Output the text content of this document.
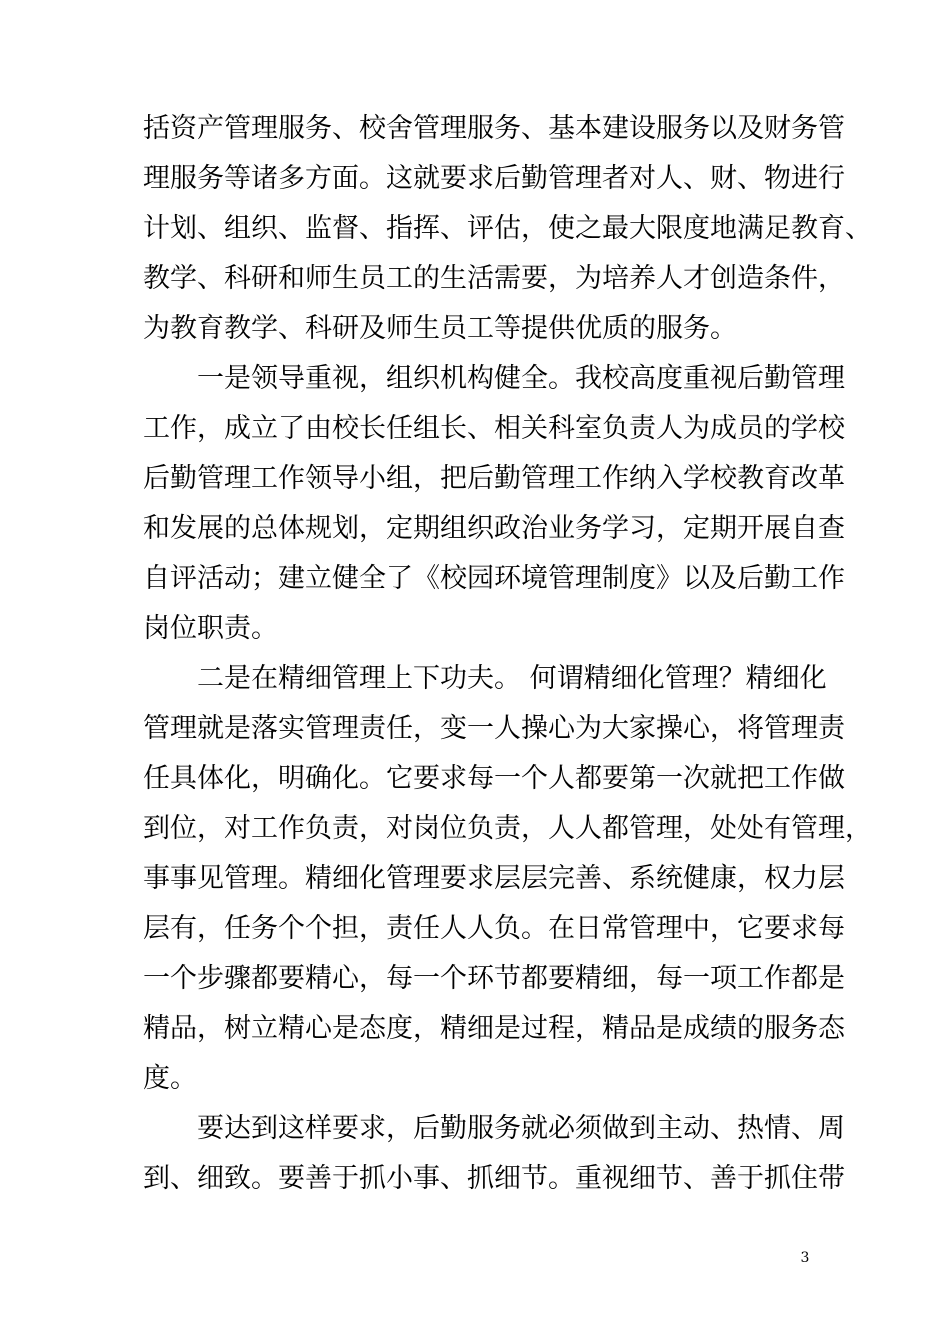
括资产管理服务、校舍管理服务、基本建设服务以及财务管
理服务等诸多方面。这就要求后勤管理者对人、财、物进行
计划、组织、监督、指挥、评估，使之最大限度地满足教育、
教学、科研和师生员工的生活需要，为培养人才创造条件，
为教育教学、科研及师生员工等提供优质的服务。
一是领导重视，组织机构健全。我校高度重视后勤管理
工作，成立了由校长任组长、相关科室负责人为成员的学校
后勤管理工作领导小组，把后勤管理工作纳入学校教育改革
和发展的总体规划，定期组织政治业务学习，定期开展自查
自评活动；建立健全了《校园环境管理制度》以及后勤工作
岗位职责。
二是在精细管理上下功夫。 何谓精细化管理？精细化
管理就是落实管理责任，变一人操心为大家操心，将管理责
任具体化，明确化。它要求每一个人都要第一次就把工作做
到位，对工作负责，对岗位负责，人人都管理，处处有管理，
事事见管理。精细化管理要求层层完善、系统健康，权力层
层有，任务个个担，责任人人负。在日常管理中，它要求每
一个步骤都要精心，每一个环节都要精细，每一项工作都是
精品，树立精心是态度，精细是过程，精品是成绩的服务态
度。
要达到这样要求，后勤服务就必须做到主动、热情、周
到、细致。要善于抓小事、抓细节。重视细节、善于抓住带
3
